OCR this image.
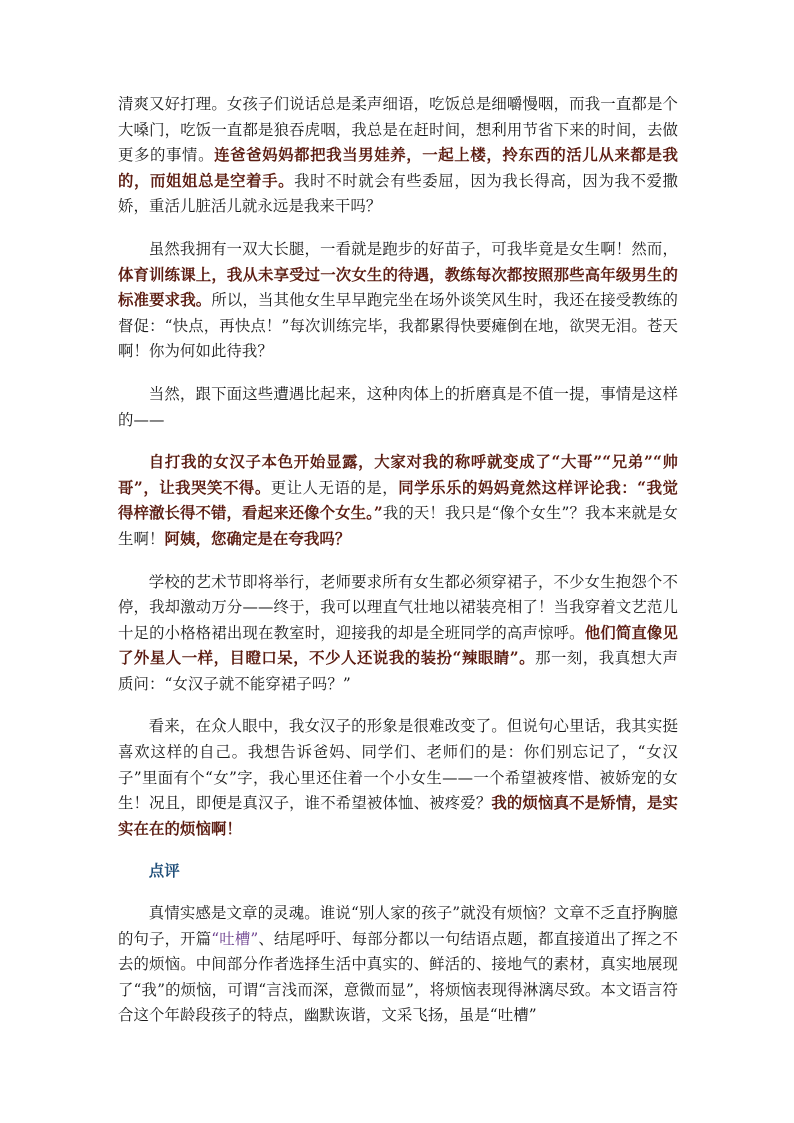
清爽又好打理。女孩子们说话总是柔声细语，吃饭总是细嚼慢咽，而我一直都是个大嗓门，吃饭一直都是狼吞虎咽，我总是在赶时间，想利用节省下来的时间，去做更多的事情。连爸爸妈妈都把我当男娃养，一起上楼，拎东西的活儿从来都是我的，而姐姐总是空着手。我时不时就会有些委屈，因为我长得高，因为我不爱撒娇，重活儿脏活儿就永远是我来干吗？

虽然我拥有一双大长腿，一看就是跑步的好苗子，可我毕竟是女生啊！然而，体育训练课上，我从未享受过一次女生的待遇，教练每次都按照那些高年级男生的标准要求我。所以，当其他女生早早跑完坐在场外谈笑风生时，我还在接受教练的督促：“快点，再快点！”每次训练完毕，我都累得快要瘫倒在地，欲哭无泪。苍天啊！你为何如此待我？

当然，跟下面这些遭遇比起来，这种肉体上的折磨真是不值一提，事情是这样的——

自打我的女汉子本色开始显露，大家对我的称呼就变成了“大哥”“兄弟”“帅哥”，让我哭笑不得。更让人无语的是，同学乐乐的妈妈竟然这样评论我：“我觉得梓澈长得不错，看起来还像个女生。”我的天！我只是“像个女生”？我本来就是女生啊！阿姨，您确定是在夸我吗？

学校的艺术节即将举行，老师要求所有女生都必须穿裙子，不少女生抱怨个不停，我却激动万分——终于，我可以理直气壮地以裙装亮相了！当我穿着文艺范儿十足的小格格裙出现在教室时，迎接我的却是全班同学的高声惊呼。他们简直像见了外星人一样，目瞪口呆，不少人还说我的装扮“辣眼睛”。那一刻，我真想大声质问：“女汉子就不能穿裙子吗？”

看来，在众人眼中，我女汉子的形象是很难改变了。但说句心里话，我其实挺喜欢这样的自己。我想告诉爸妈、同学们、老师们的是：你们别忘记了，“女汉子”里面有个“女”字，我心里还住着一个小女生——一个希望被疼惜、被娇宠的女生！况且，即便是真汉子，谁不希望被体恤、被疼爱？我的烦恼真不是矫情，是实实在在的烦恼啊！

点评

真情实感是文章的灵魂。谁说“别人家的孩子”就没有烦恼？文章不乏直抒胸臆的句子，开篇“吐槽”、结尾呼吁、每部分都以一句结语点题，都直接道出了挥之不去的烦恼。中间部分作者选择生活中真实的、鲜活的、接地气的素材，真实地展现了“我”的烦恼，可谓“言浅而深，意微而显”，将烦恼表现得淋漓尽致。本文语言符合这个年龄段孩子的特点，幽默诙谐，文采飞扬，虽是“吐槽”
